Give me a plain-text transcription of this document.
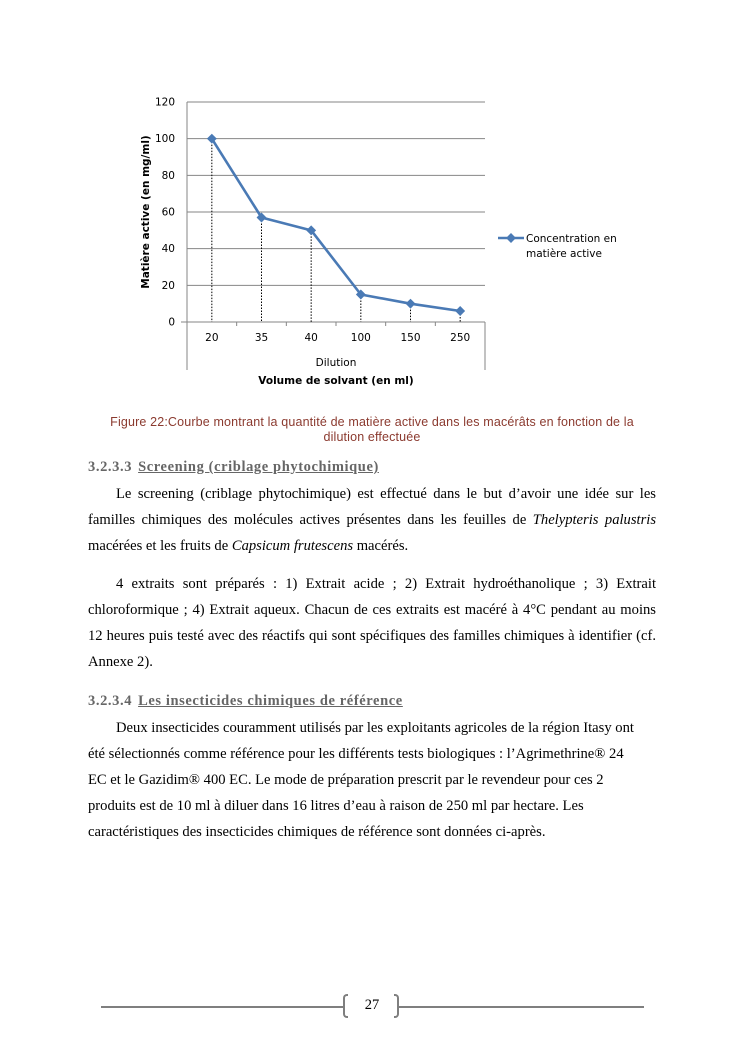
0
20
40
60
80
100
120
20	35	40	100	150	250
Dilution
Volume de solvant (en ml)
Matière active (en mg/ml)	Concentration en
matière active
Figure 22:Courbe montrant la quantité de matière active dans les macérâts en fonction de la
dilution effectuée
3.2.3.3 Screening (criblage phytochimique)
Le screening (criblage phytochimique) est effectué dans le but d’avoir une idée sur les familles chimiques des molécules actives présentes dans les feuilles de Thelypteris palustris macérées et les fruits de Capsicum frutescens macérés.
4 extraits sont préparés : 1) Extrait acide ; 2) Extrait hydroéthanolique ; 3) Extrait chloroformique ; 4) Extrait aqueux. Chacun de ces extraits est macéré à 4°C pendant au moins 12 heures puis testé avec des réactifs qui sont spécifiques des familles chimiques à identifier (cf. Annexe 2).
3.2.3.4 Les insecticides chimiques de référence
Deux insecticides couramment utilisés par les exploitants agricoles de la région Itasy ont
été sélectionnés comme référence pour les différents tests biologiques : l’Agrimethrine® 24
EC et le Gazidim® 400 EC. Le mode de préparation prescrit par le revendeur pour ces 2
produits est de 10 ml à diluer dans 16 litres d’eau à raison de 250 ml par hectare. Les
caractéristiques des insecticides chimiques de référence sont données ci-après.
27
